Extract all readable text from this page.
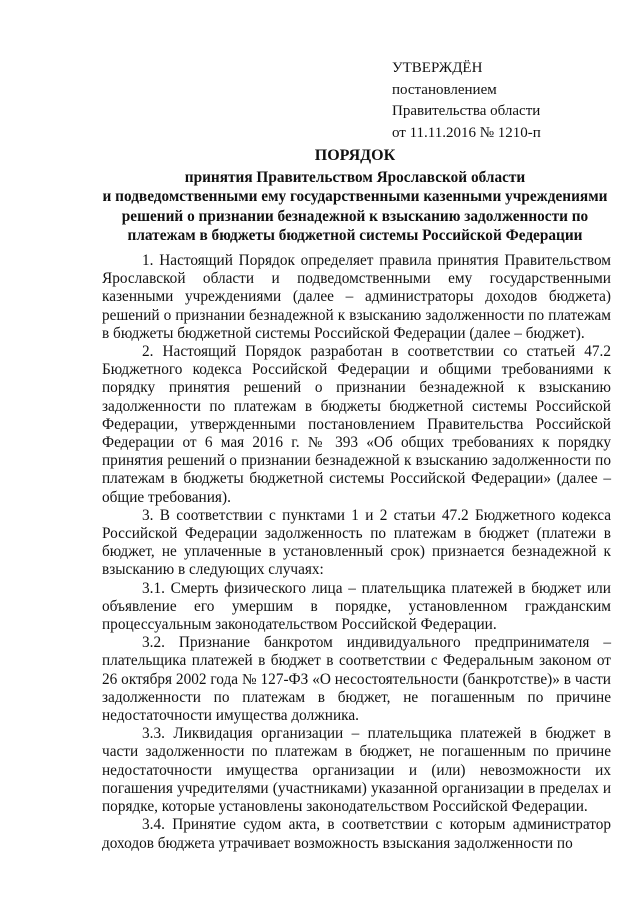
УТВЕРЖДЁН
постановлением
Правительства области
от 11.11.2016 № 1210-п
ПОРЯДОК
принятия Правительством Ярославской области
и подведомственными ему государственными казенными учреждениями
решений о признании безнадежной к взысканию задолженности по
платежам в бюджеты бюджетной системы Российской Федерации

1. Настоящий Порядок определяет правила принятия Правительством Ярославской области и подведомственными ему государственными казенными учреждениями (далее – администраторы доходов бюджета) решений о признании безнадежной к взысканию задолженности по платежам в бюджеты бюджетной системы Российской Федерации (далее – бюджет).

2. Настоящий Порядок разработан в соответствии со статьей 47.2 Бюджетного кодекса Российской Федерации и общими требованиями к порядку принятия решений о признании безнадежной к взысканию задолженности по платежам в бюджеты бюджетной системы Российской Федерации, утвержденными постановлением Правительства Российской Федерации от 6 мая 2016 г. № 393 «Об общих требованиях к порядку принятия решений о признании безнадежной к взысканию задолженности по платежам в бюджеты бюджетной системы Российской Федерации» (далее – общие требования).

3. В соответствии с пунктами 1 и 2 статьи 47.2 Бюджетного кодекса Российской Федерации задолженность по платежам в бюджет (платежи в бюджет, не уплаченные в установленный срок) признается безнадежной к взысканию в следующих случаях:

3.1. Смерть физического лица – плательщика платежей в бюджет или объявление его умершим в порядке, установленном гражданским процессуальным законодательством Российской Федерации.

3.2. Признание банкротом индивидуального предпринимателя – плательщика платежей в бюджет в соответствии с Федеральным законом от 26 октября 2002 года № 127-ФЗ «О несостоятельности (банкротстве)» в части задолженности по платежам в бюджет, не погашенным по причине недостаточности имущества должника.

3.3. Ликвидация организации – плательщика платежей в бюджет в части задолженности по платежам в бюджет, не погашенным по причине недостаточности имущества организации и (или) невозможности их погашения учредителями (участниками) указанной организации в пределах и порядке, которые установлены законодательством Российской Федерации.

3.4. Принятие судом акта, в соответствии с которым администратор доходов бюджета утрачивает возможность взыскания задолженности по
